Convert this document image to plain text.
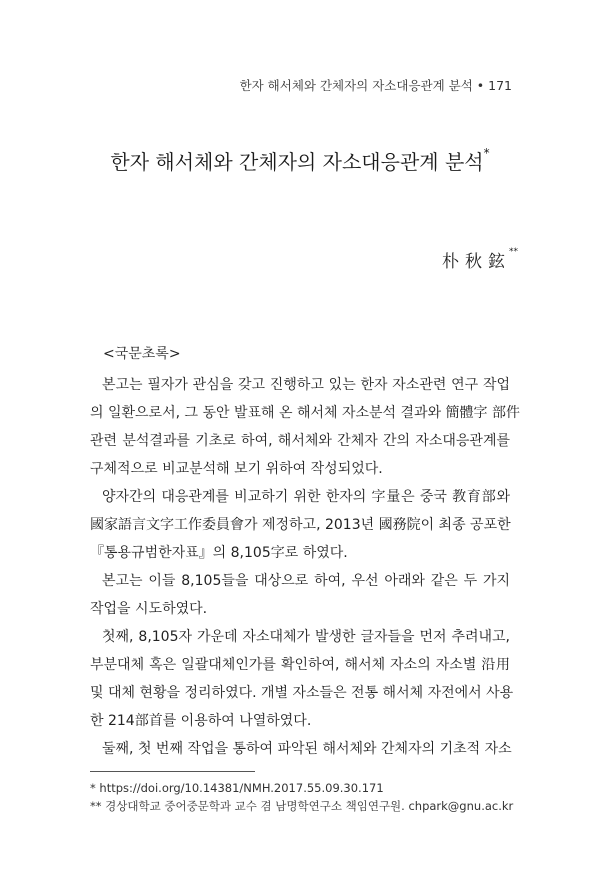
한자 해서체와 간체자의 자소대응관계 분석 • 171
한자 해서체와 간체자의 자소대응관계 분석*
朴秋鉉**
<국문초록>
본고는 필자가 관심을 갖고 진행하고 있는 한자 자소관련 연구 작업
의 일환으로서, 그 동안 발표해 온 해서체 자소분석 결과와 簡體字 部件
관련 분석결과를 기초로 하여, 해서체와 간체자 간의 자소대응관계를
구체적으로 비교분석해 보기 위하여 작성되었다.
양자간의 대응관계를 비교하기 위한 한자의 字量은 중국 教育部와
國家語言文字工作委員會가 제정하고, 2013년 國務院이 최종 공포한
『통용규범한자표』의 8,105字로 하였다.
본고는 이들 8,105들을 대상으로 하여, 우선 아래와 같은 두 가지
작업을 시도하였다.
첫째, 8,105자 가운데 자소대체가 발생한 글자들을 먼저 추려내고,
부분대체 혹은 일괄대체인가를 확인하여, 해서체 자소의 자소별 沿用
및 대체 현황을 정리하였다. 개별 자소들은 전통 해서체 자전에서 사용
한 214部首를 이용하여 나열하였다.
둘째, 첫 번째 작업을 통하여 파악된 해서체와 간체자의 기초적 자소
* https://doi.org/10.14381/NMH.2017.55.09.30.171
** 경상대학교 중어중문학과 교수 겸 남명학연구소 책임연구원. chpark@gnu.ac.kr
